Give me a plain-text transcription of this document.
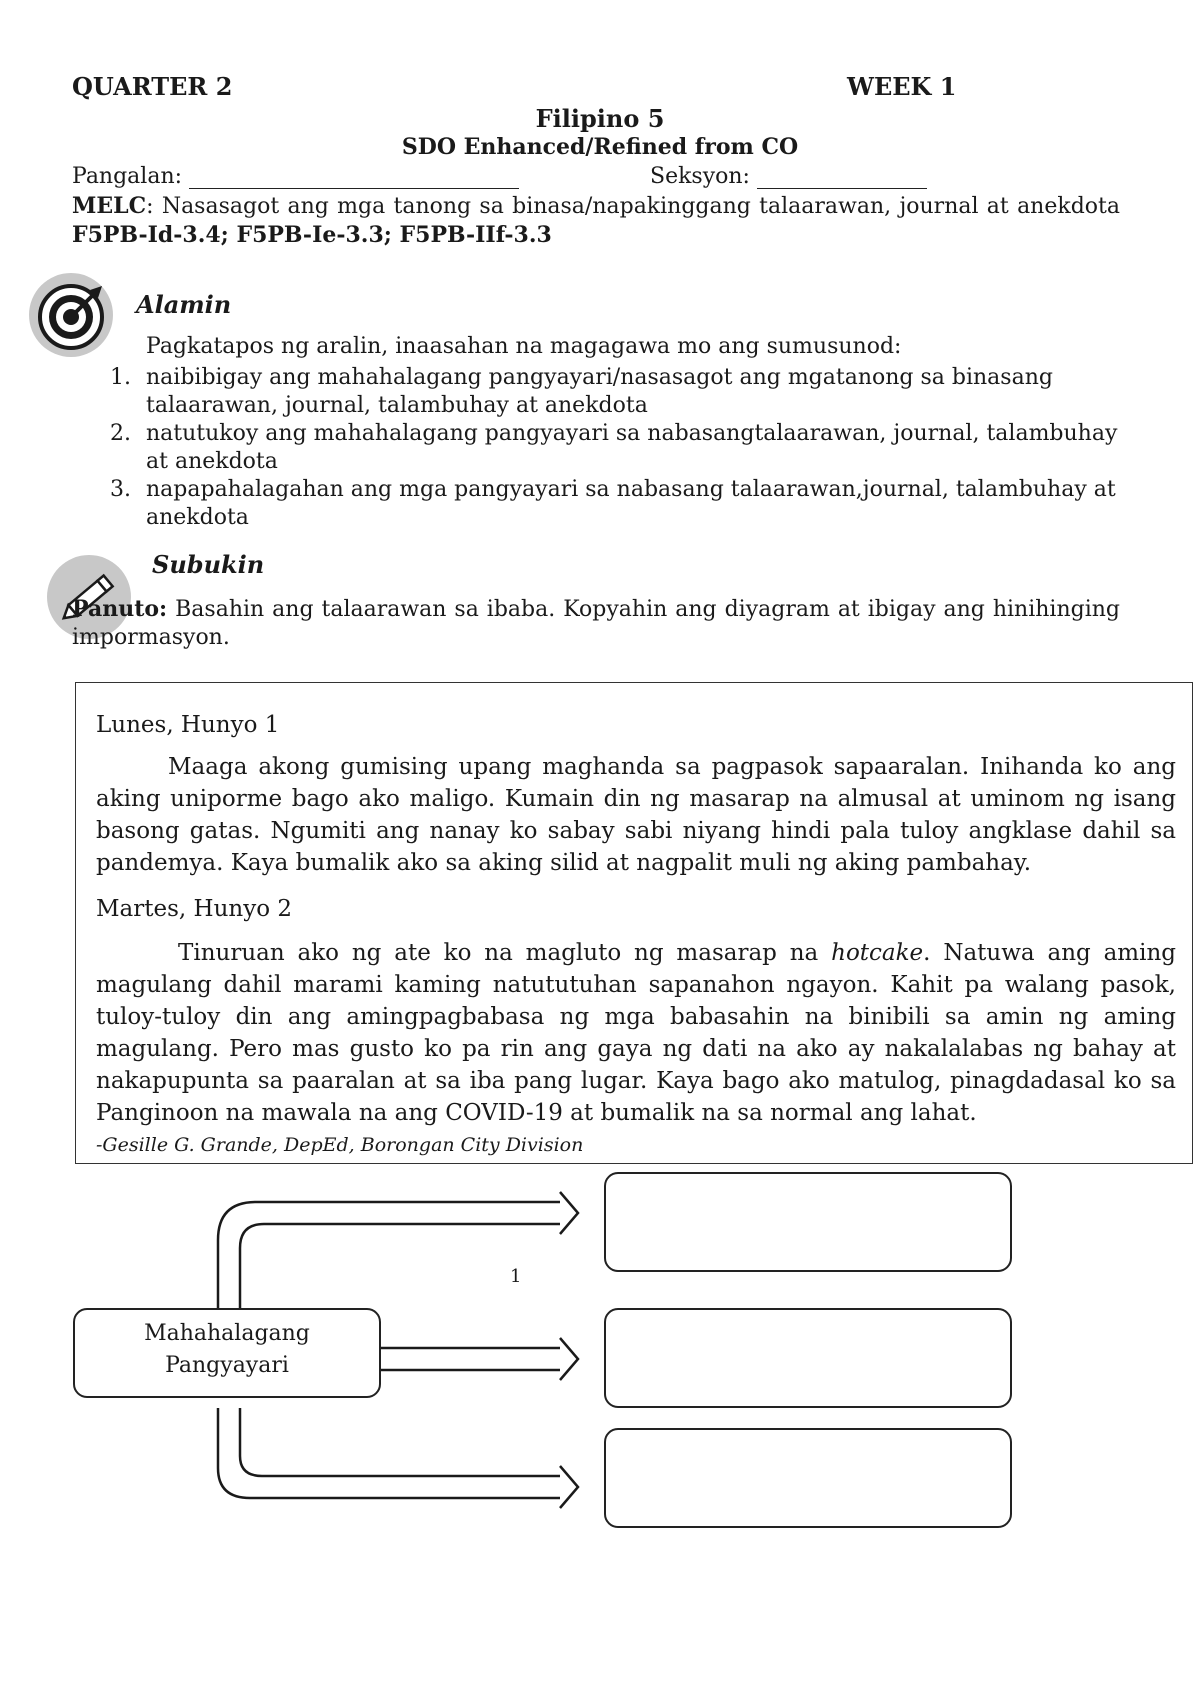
QUARTER 2	WEEK 1
Filipino 5
SDO Enhanced/Refined from CO
Pangalan:	Seksyon:
MELC: Nasasagot ang mga tanong sa binasa/napakinggang talaarawan, journal at anekdota F5PB-Id-3.4; F5PB-Ie-3.3; F5PB-IIf-3.3
Alamin
Pagkatapos ng aralin, inaasahan na magagawa mo ang sumusunod:
1. naibibigay ang mahahalagang pangyayari/nasasagot ang mgatanong sa binasang talaarawan, journal, talambuhay at anekdota
2. natutukoy ang mahahalagang pangyayari sa nabasangtalaarawan, journal, talambuhay at anekdota
3. napapahalagahan ang mga pangyayari sa nabasang talaarawan,journal, talambuhay at anekdota
Subukin
Panuto: Basahin ang talaarawan sa ibaba. Kopyahin ang diyagram at ibigay ang hinihinging impormasyon.

Lunes, Hunyo 1

Maaga akong gumising upang maghanda sa pagpasok sapaaralan. Inihanda ko ang aking uniporme bago ako maligo. Kumain din ng masarap na almusal at uminom ng isang basong gatas. Ngumiti ang nanay ko sabay sabi niyang hindi pala tuloy angklase dahil sa pandemya. Kaya bumalik ako sa aking silid at nagpalit muli ng aking pambahay.

Martes, Hunyo 2

Tinuruan ako ng ate ko na magluto ng masarap na hotcake. Natuwa ang aming magulang dahil marami kaming natututuhan sapanahon ngayon. Kahit pa walang pasok, tuloy-tuloy din ang amingpagbabasa ng mga babasahin na binibili sa amin ng aming magulang. Pero mas gusto ko pa rin ang gaya ng dati na ako ay nakalalabas ng bahay at nakapupunta sa paaralan at sa iba pang lugar. Kaya bago ako matulog, pinagdadasal ko sa Panginoon na mawala na ang COVID-19 at bumalik na sa normal ang lahat.

-Gesille G. Grande, DepEd, Borongan City Division

Mahahalagang Pangyayari
1
